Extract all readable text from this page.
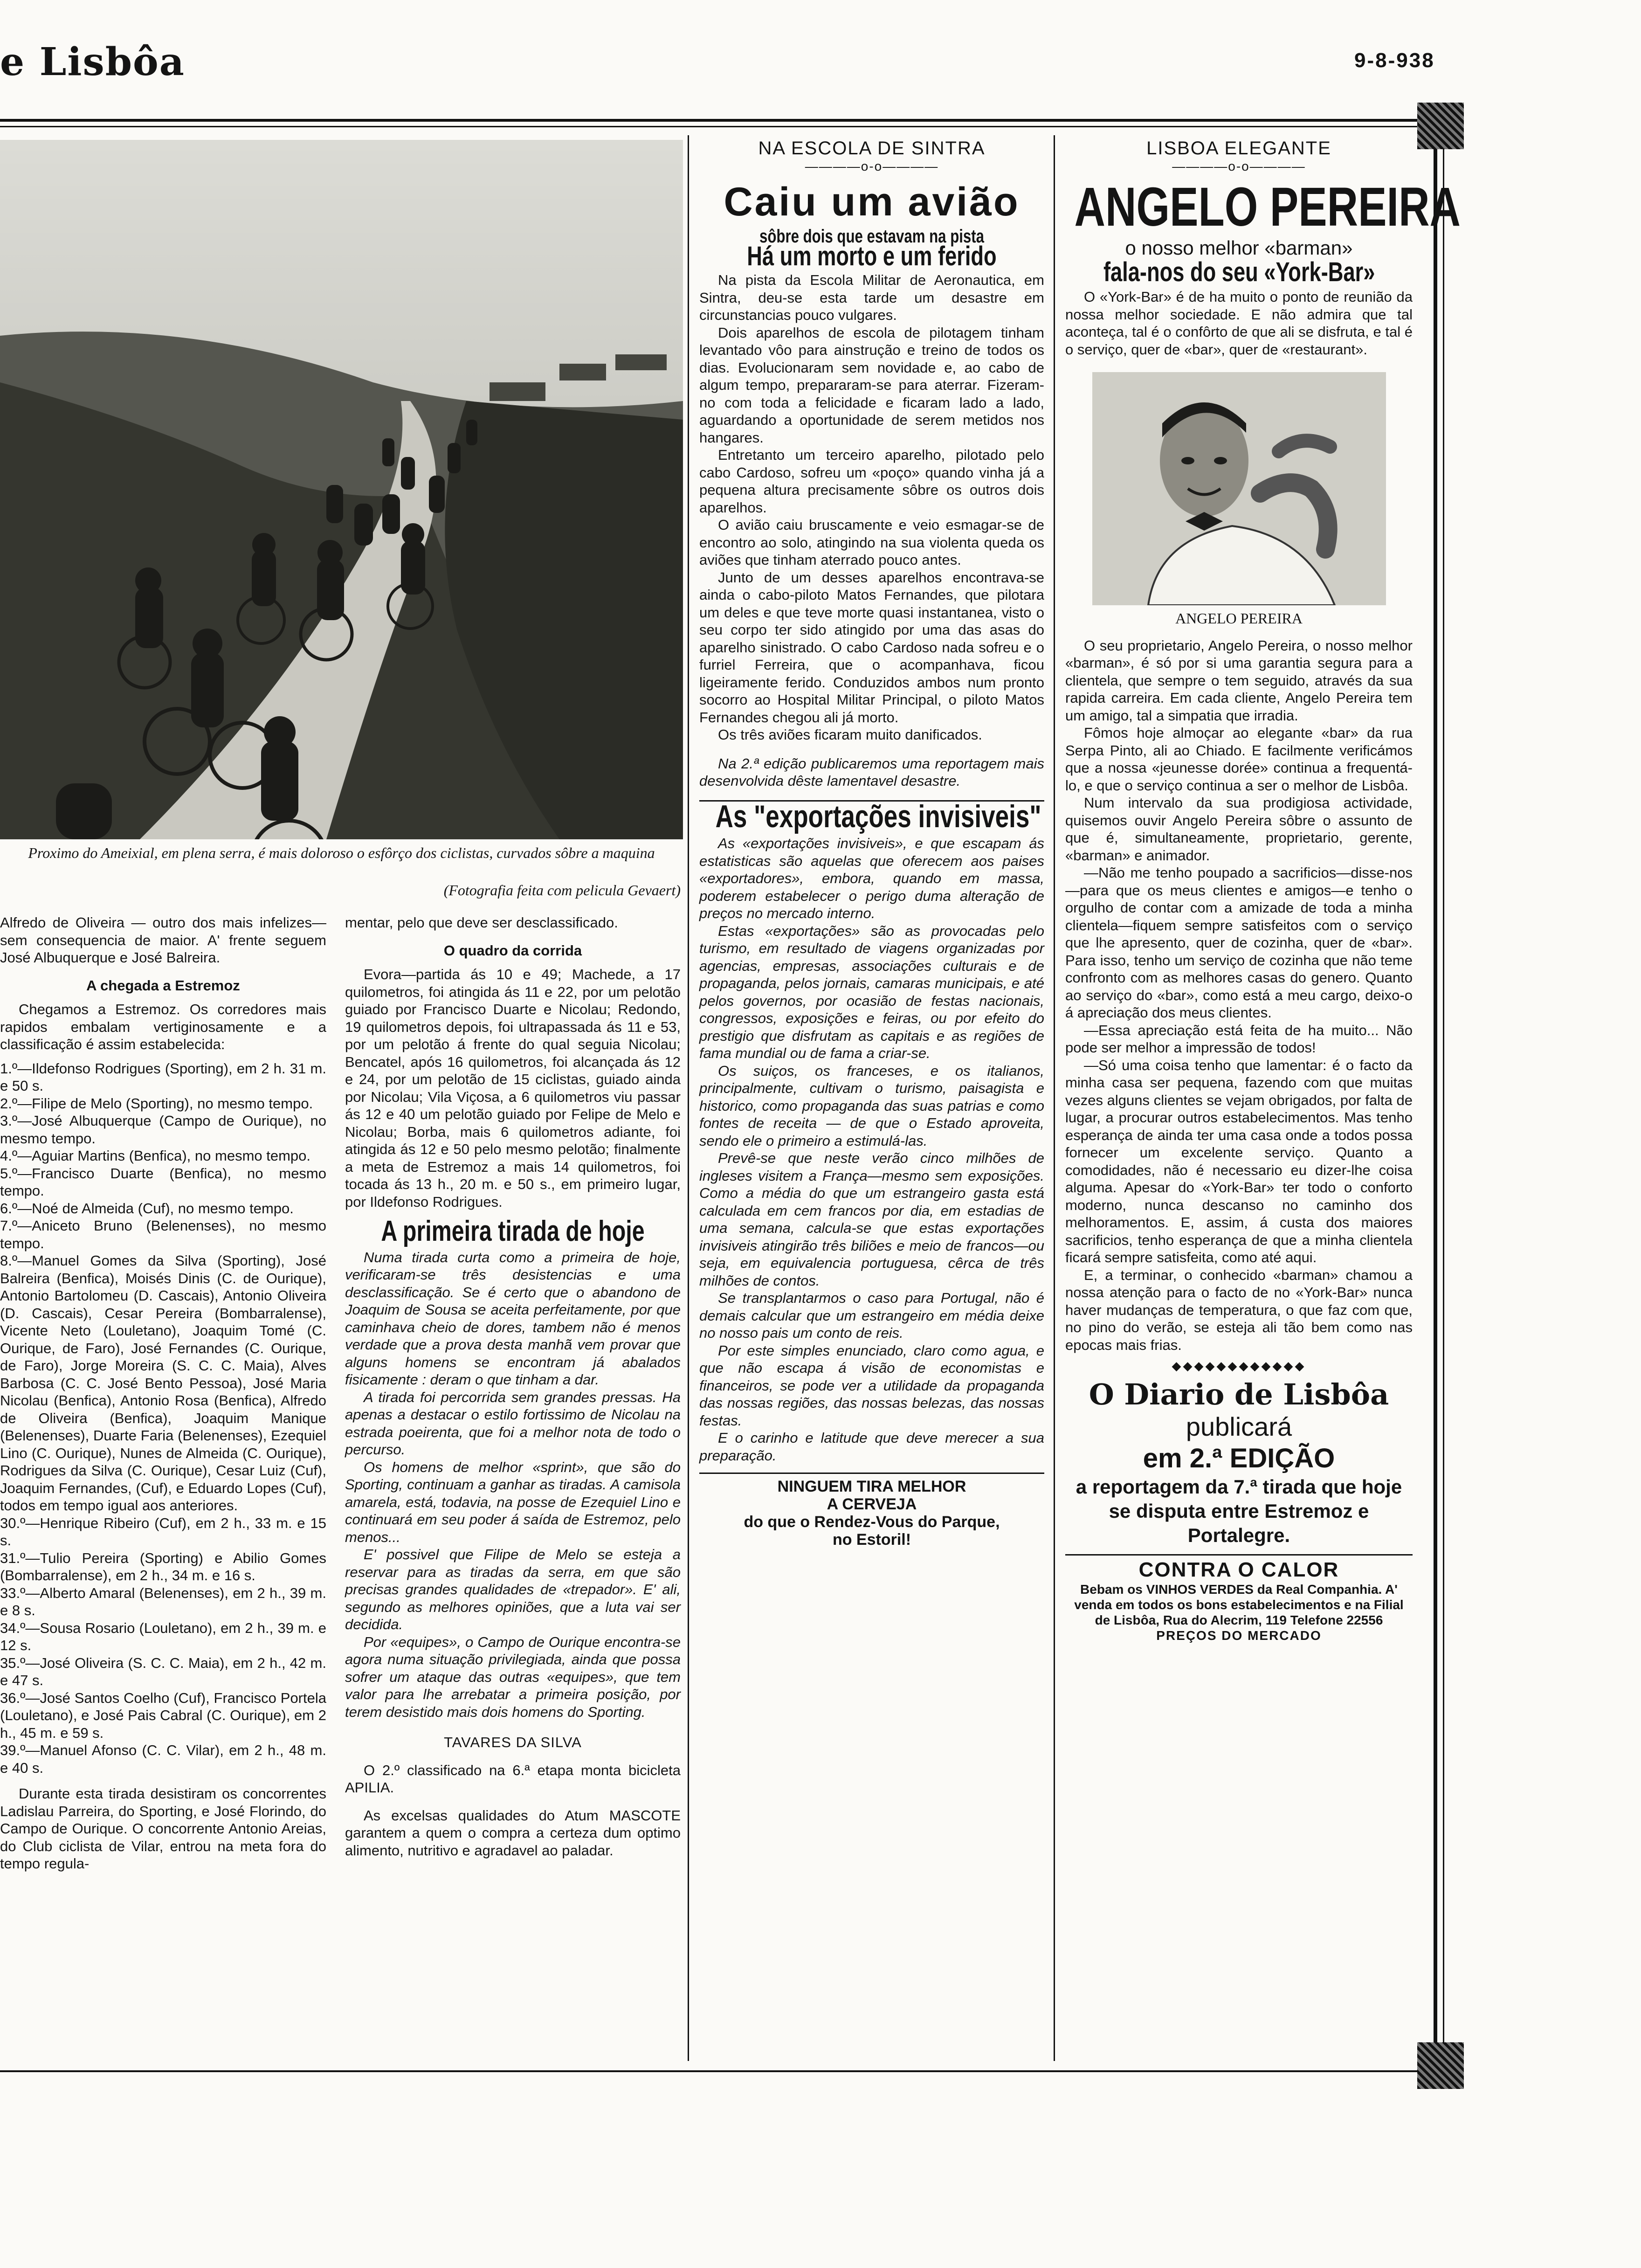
e Lisbôa	9-8-938
Proximo do Ameixial, em plena serra, é mais doloroso o esfôrço dos ciclistas, curvados sôbre a maquina
(Fotografia feita com pelicula Gevaert)

Alfredo de Oliveira — outro dos mais infelizes—sem consequencia de maior. A' frente seguem José Albuquerque e José Balreira.

A chegada a Estremoz

Chegamos a Estremoz. Os corredores mais rapidos embalam vertiginosamente e a classificação é assim estabelecida:

1.º—Ildefonso Rodrigues (Sporting), em 2 h. 31 m. e 50 s.
2.º—Filipe de Melo (Sporting), no mesmo tempo.
3.º—José Albuquerque (Campo de Ourique), no mesmo tempo.
4.º—Aguiar Martins (Benfica), no mesmo tempo.
5.º—Francisco Duarte (Benfica), no mesmo tempo.
6.º—Noé de Almeida (Cuf), no mesmo tempo.
7.º—Aniceto Bruno (Belenenses), no mesmo tempo.
8.º—Manuel Gomes da Silva (Sporting), José Balreira (Benfica), Moisés Dinis (C. de Ourique), Antonio Bartolomeu (D. Cascais), Antonio Oliveira (D. Cascais), Cesar Pereira (Bombarralense), Vicente Neto (Louletano), Joaquim Tomé (C. Ourique, de Faro), José Fernandes (C. Ourique, de Faro), Jorge Moreira (S. C. C. Maia), Alves Barbosa (C. C. José Bento Pessoa), José Maria Nicolau (Benfica), Antonio Rosa (Benfica), Alfredo de Oliveira (Benfica), Joaquim Manique (Belenenses), Duarte Faria (Belenenses), Ezequiel Lino (C. Ourique), Nunes de Almeida (C. Ourique), Rodrigues da Silva (C. Ourique), Cesar Luiz (Cuf), Joaquim Fernandes, (Cuf), e Eduardo Lopes (Cuf), todos em tempo igual aos anteriores.
30.º—Henrique Ribeiro (Cuf), em 2 h., 33 m. e 15 s.
31.º—Tulio Pereira (Sporting) e Abilio Gomes (Bombarralense), em 2 h., 34 m. e 16 s.
33.º—Alberto Amaral (Belenenses), em 2 h., 39 m. e 8 s.
34.º—Sousa Rosario (Louletano), em 2 h., 39 m. e 12 s.
35.º—José Oliveira (S. C. C. Maia), em 2 h., 42 m. e 47 s.
36.º—José Santos Coelho (Cuf), Francisco Portela (Louletano), e José Pais Cabral (C. Ourique), em 2 h., 45 m. e 59 s.
39.º—Manuel Afonso (C. C. Vilar), em 2 h., 48 m. e 40 s.

Durante esta tirada desistiram os concorrentes Ladislau Parreira, do Sporting, e José Florindo, do Campo de Ourique. O concorrente Antonio Areias, do Club ciclista de Vilar, entrou na meta fora do tempo regula-

mentar, pelo que deve ser desclassificado.

O quadro da corrida

Evora—partida ás 10 e 49; Machede, a 17 quilometros, foi atingida ás 11 e 22, por um pelotão guiado por Francisco Duarte e Nicolau; Redondo, 19 quilometros depois, foi ultrapassada ás 11 e 53, por um pelotão á frente do qual seguia Nicolau; Bencatel, após 16 quilometros, foi alcançada ás 12 e 24, por um pelotão de 15 ciclistas, guiado ainda por Nicolau; Vila Viçosa, a 6 quilometros viu passar ás 12 e 40 um pelotão guiado por Felipe de Melo e Nicolau; Borba, mais 6 quilometros adiante, foi atingida ás 12 e 50 pelo mesmo pelotão; finalmente a meta de Estremoz a mais 14 quilometros, foi tocada ás 13 h., 20 m. e 50 s., em primeiro lugar, por Ildefonso Rodrigues.

A primeira tirada de hoje

Numa tirada curta como a primeira de hoje, verificaram-se três desistencias e uma desclassificação. Se é certo que o abandono de Joaquim de Sousa se aceita perfeitamente, por que caminhava cheio de dores, tambem não é menos verdade que a prova desta manhã vem provar que alguns homens se encontram já abalados fisicamente : deram o que tinham a dar.

A tirada foi percorrida sem grandes pressas. Ha apenas a destacar o estilo fortissimo de Nicolau na estrada poeirenta, que foi a melhor nota de todo o percurso.

Os homens de melhor «sprint», que são do Sporting, continuam a ganhar as tiradas. A camisola amarela, está, todavia, na posse de Ezequiel Lino e continuará em seu poder á saída de Estremoz, pelo menos...

E' possivel que Filipe de Melo se esteja a reservar para as tiradas da serra, em que são precisas grandes qualidades de «trepador». E' ali, segundo as melhores opiniões, que a luta vai ser decidida.

Por «equipes», o Campo de Ourique encontra-se agora numa situação privilegiada, ainda que possa sofrer um ataque das outras «equipes», que tem valor para lhe arrebatar a primeira posição, por terem desistido mais dois homens do Sporting.

TAVARES DA SILVA

O 2.º classificado na 6.ª etapa monta bicicleta APILIA.

As excelsas qualidades do Atum MASCOTE garantem a quem o compra a certeza dum optimo alimento, nutritivo e agradavel ao paladar.

NA ESCOLA DE SINTRA
————o-o————
Caiu um avião
sôbre dois que estavam na pista
Há um morto e um ferido

Na pista da Escola Militar de Aeronautica, em Sintra, deu-se esta tarde um desastre em circunstancias pouco vulgares.

Dois aparelhos de escola de pilotagem tinham levantado vôo para ainstrução e treino de todos os dias. Evolucionaram sem novidade e, ao cabo de algum tempo, prepararam-se para aterrar. Fizeram-no com toda a felicidade e ficaram lado a lado, aguardando a oportunidade de serem metidos nos hangares.

Entretanto um terceiro aparelho, pilotado pelo cabo Cardoso, sofreu um «poço» quando vinha já a pequena altura precisamente sôbre os outros dois aparelhos.

O avião caiu bruscamente e veio esmagar-se de encontro ao solo, atingindo na sua violenta queda os aviões que tinham aterrado pouco antes.

Junto de um desses aparelhos encontrava-se ainda o cabo-piloto Matos Fernandes, que pilotara um deles e que teve morte quasi instantanea, visto o seu corpo ter sido atingido por uma das asas do aparelho sinistrado. O cabo Cardoso nada sofreu e o furriel Ferreira, que o acompanhava, ficou ligeiramente ferido. Conduzidos ambos num pronto socorro ao Hospital Militar Principal, o piloto Matos Fernandes chegou ali já morto.

Os três aviões ficaram muito danificados.

Na 2.ª edição publicaremos uma reportagem mais desenvolvida dêste lamentavel desastre.

As "exportações invisiveis"

As «exportações invisiveis», e que escapam ás estatisticas são aquelas que oferecem aos paises «exportadores», embora, quando em massa, poderem estabelecer o perigo duma alteração de preços no mercado interno.

Estas «exportações» são as provocadas pelo turismo, em resultado de viagens organizadas por agencias, empresas, associações culturais e de propaganda, pelos jornais, camaras municipais, e até pelos governos, por ocasião de festas nacionais, congressos, exposições e feiras, ou por efeito do prestigio que disfrutam as capitais e as regiões de fama mundial ou de fama a criar-se.

Os suiços, os franceses, e os italianos, principalmente, cultivam o turismo, paisagista e historico, como propaganda das suas patrias e como fontes de receita — de que o Estado aproveita, sendo ele o primeiro a estimulá-las.

Prevê-se que neste verão cinco milhões de ingleses visitem a França—mesmo sem exposições. Como a média do que um estrangeiro gasta está calculada em cem francos por dia, em estadias de uma semana, calcula-se que estas exportações invisiveis atingirão três biliões e meio de francos—ou seja, em equivalencia portuguesa, cêrca de três milhões de contos.

Se transplantarmos o caso para Portugal, não é demais calcular que um estrangeiro em média deixe no nosso pais um conto de reis.

Por este simples enunciado, claro como agua, e que não escapa á visão de economistas e financeiros, se pode ver a utilidade da propaganda das nossas regiões, das nossas belezas, das nossas festas.

E o carinho e latitude que deve merecer a sua preparação.

NINGUEM TIRA MELHOR
A CERVEJA
do que o Rendez-Vous do Parque,
no Estoril!
LISBOA ELEGANTE
————o-o————
ANGELO PEREIRA
o nosso melhor «barman»
fala-nos do seu «York-Bar»

O «York-Bar» é de ha muito o ponto de reunião da nossa melhor sociedade. E não admira que tal aconteça, tal é o confôrto de que ali se disfruta, e tal é o serviço, quer de «bar», quer de «restaurant».

ANGELO PEREIRA

O seu proprietario, Angelo Pereira, o nosso melhor «barman», é só por si uma garantia segura para a clientela, que sempre o tem seguido, através da sua rapida carreira. Em cada cliente, Angelo Pereira tem um amigo, tal a simpatia que irradia.

Fômos hoje almoçar ao elegante «bar» da rua Serpa Pinto, ali ao Chiado. E facilmente verificámos que a nossa «jeunesse dorée» continua a frequentá-lo, e que o serviço continua a ser o melhor de Lisbôa.

Num intervalo da sua prodigiosa actividade, quisemos ouvir Angelo Pereira sôbre o assunto de que é, simultaneamente, proprietario, gerente, «barman» e animador.

—Não me tenho poupado a sacrificios—disse-nos—para que os meus clientes e amigos—e tenho o orgulho de contar com a amizade de toda a minha clientela—fiquem sempre satisfeitos com o serviço que lhe apresento, quer de cozinha, quer de «bar». Para isso, tenho um serviço de cozinha que não teme confronto com as melhores casas do genero. Quanto ao serviço do «bar», como está a meu cargo, deixo-o á apreciação dos meus clientes.

—Essa apreciação está feita de ha muito... Não pode ser melhor a impressão de todos!

—Só uma coisa tenho que lamentar: é o facto da minha casa ser pequena, fazendo com que muitas vezes alguns clientes se vejam obrigados, por falta de lugar, a procurar outros estabelecimentos. Mas tenho esperança de ainda ter uma casa onde a todos possa fornecer um excelente serviço. Quanto a comodidades, não é necessario eu dizer-lhe coisa alguma. Apesar do «York-Bar» ter todo o conforto moderno, nunca descanso no caminho dos melhoramentos. E, assim, á custa dos maiores sacrificios, tenho esperança de que a minha clientela ficará sempre satisfeita, como até aqui.

E, a terminar, o conhecido «barman» chamou a nossa atenção para o facto de no «York-Bar» nunca haver mudanças de temperatura, o que faz com que, no pino do verão, se esteja ali tão bem como nas epocas mais frias.

◆◆◆◆◆◆◆◆◆◆◆◆
O Diario de Lisbôa
publicará
em 2.ª EDIÇÃO
a reportagem da 7.ª tirada que hoje se disputa entre Estremoz e Portalegre.
CONTRA O CALOR
Bebam os VINHOS VERDES da Real Companhia. A' venda em todos os bons estabelecimentos e na Filial de Lisbôa, Rua do Alecrim, 119 Telefone 22556
PREÇOS DO MERCADO
